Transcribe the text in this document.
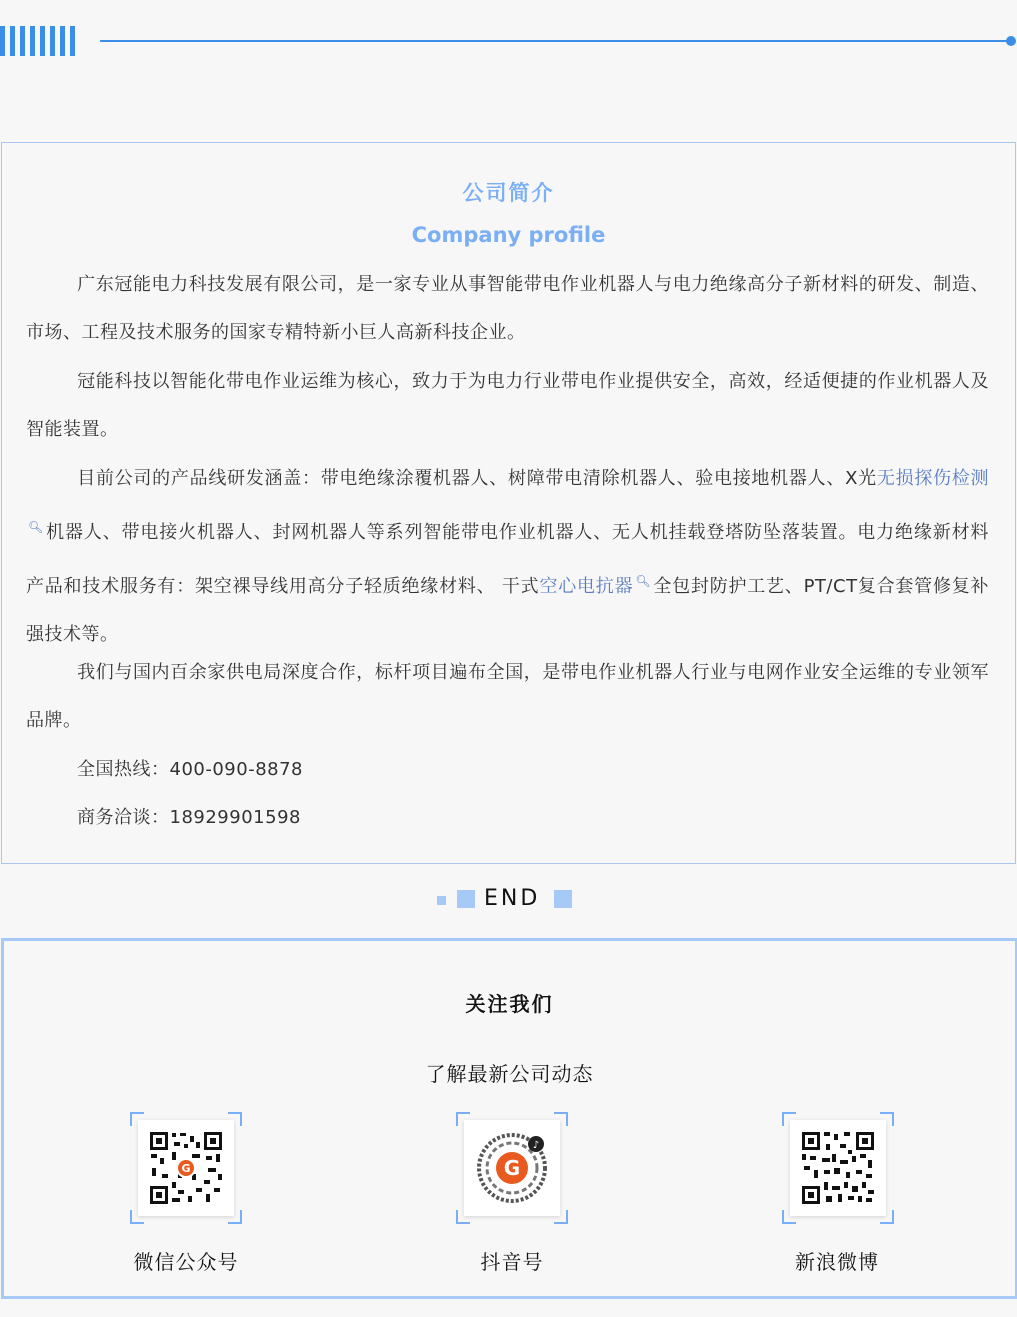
公司简介
Company profile
广东冠能电力科技发展有限公司，是一家专业从事智能带电作业机器人与电力绝缘高分子新材料的研发、制造、市场、工程及技术服务的国家专精特新小巨人高新科技企业。
冠能科技以智能化带电作业运维为核心，致力于为电力行业带电作业提供安全，高效，经适便捷的作业机器人及智能装置。
目前公司的产品线研发涵盖：带电绝缘涂覆机器人、树障带电清除机器人、验电接地机器人、X光无损探伤检测🔍︎ 机器人、带电接火机器人、封网机器人等系列智能带电作业机器人、无人机挂载登塔防坠落装置。电力绝缘新材料产品和技术服务有：架空裸导线用高分子轻质绝缘材料、 干式空心电抗器 🔍︎ 全包封防护工艺、PT/CT复合套管修复补强技术等。
我们与国内百余家供电局深度合作，标杆项目遍布全国，是带电作业机器人行业与电网作业安全运维的专业领军品牌。
全国热线：400-090-8878
商务洽谈：18929901598
END
关注我们
了解最新公司动态
G
微信公众号
G
♪
抖音号	新浪微博
